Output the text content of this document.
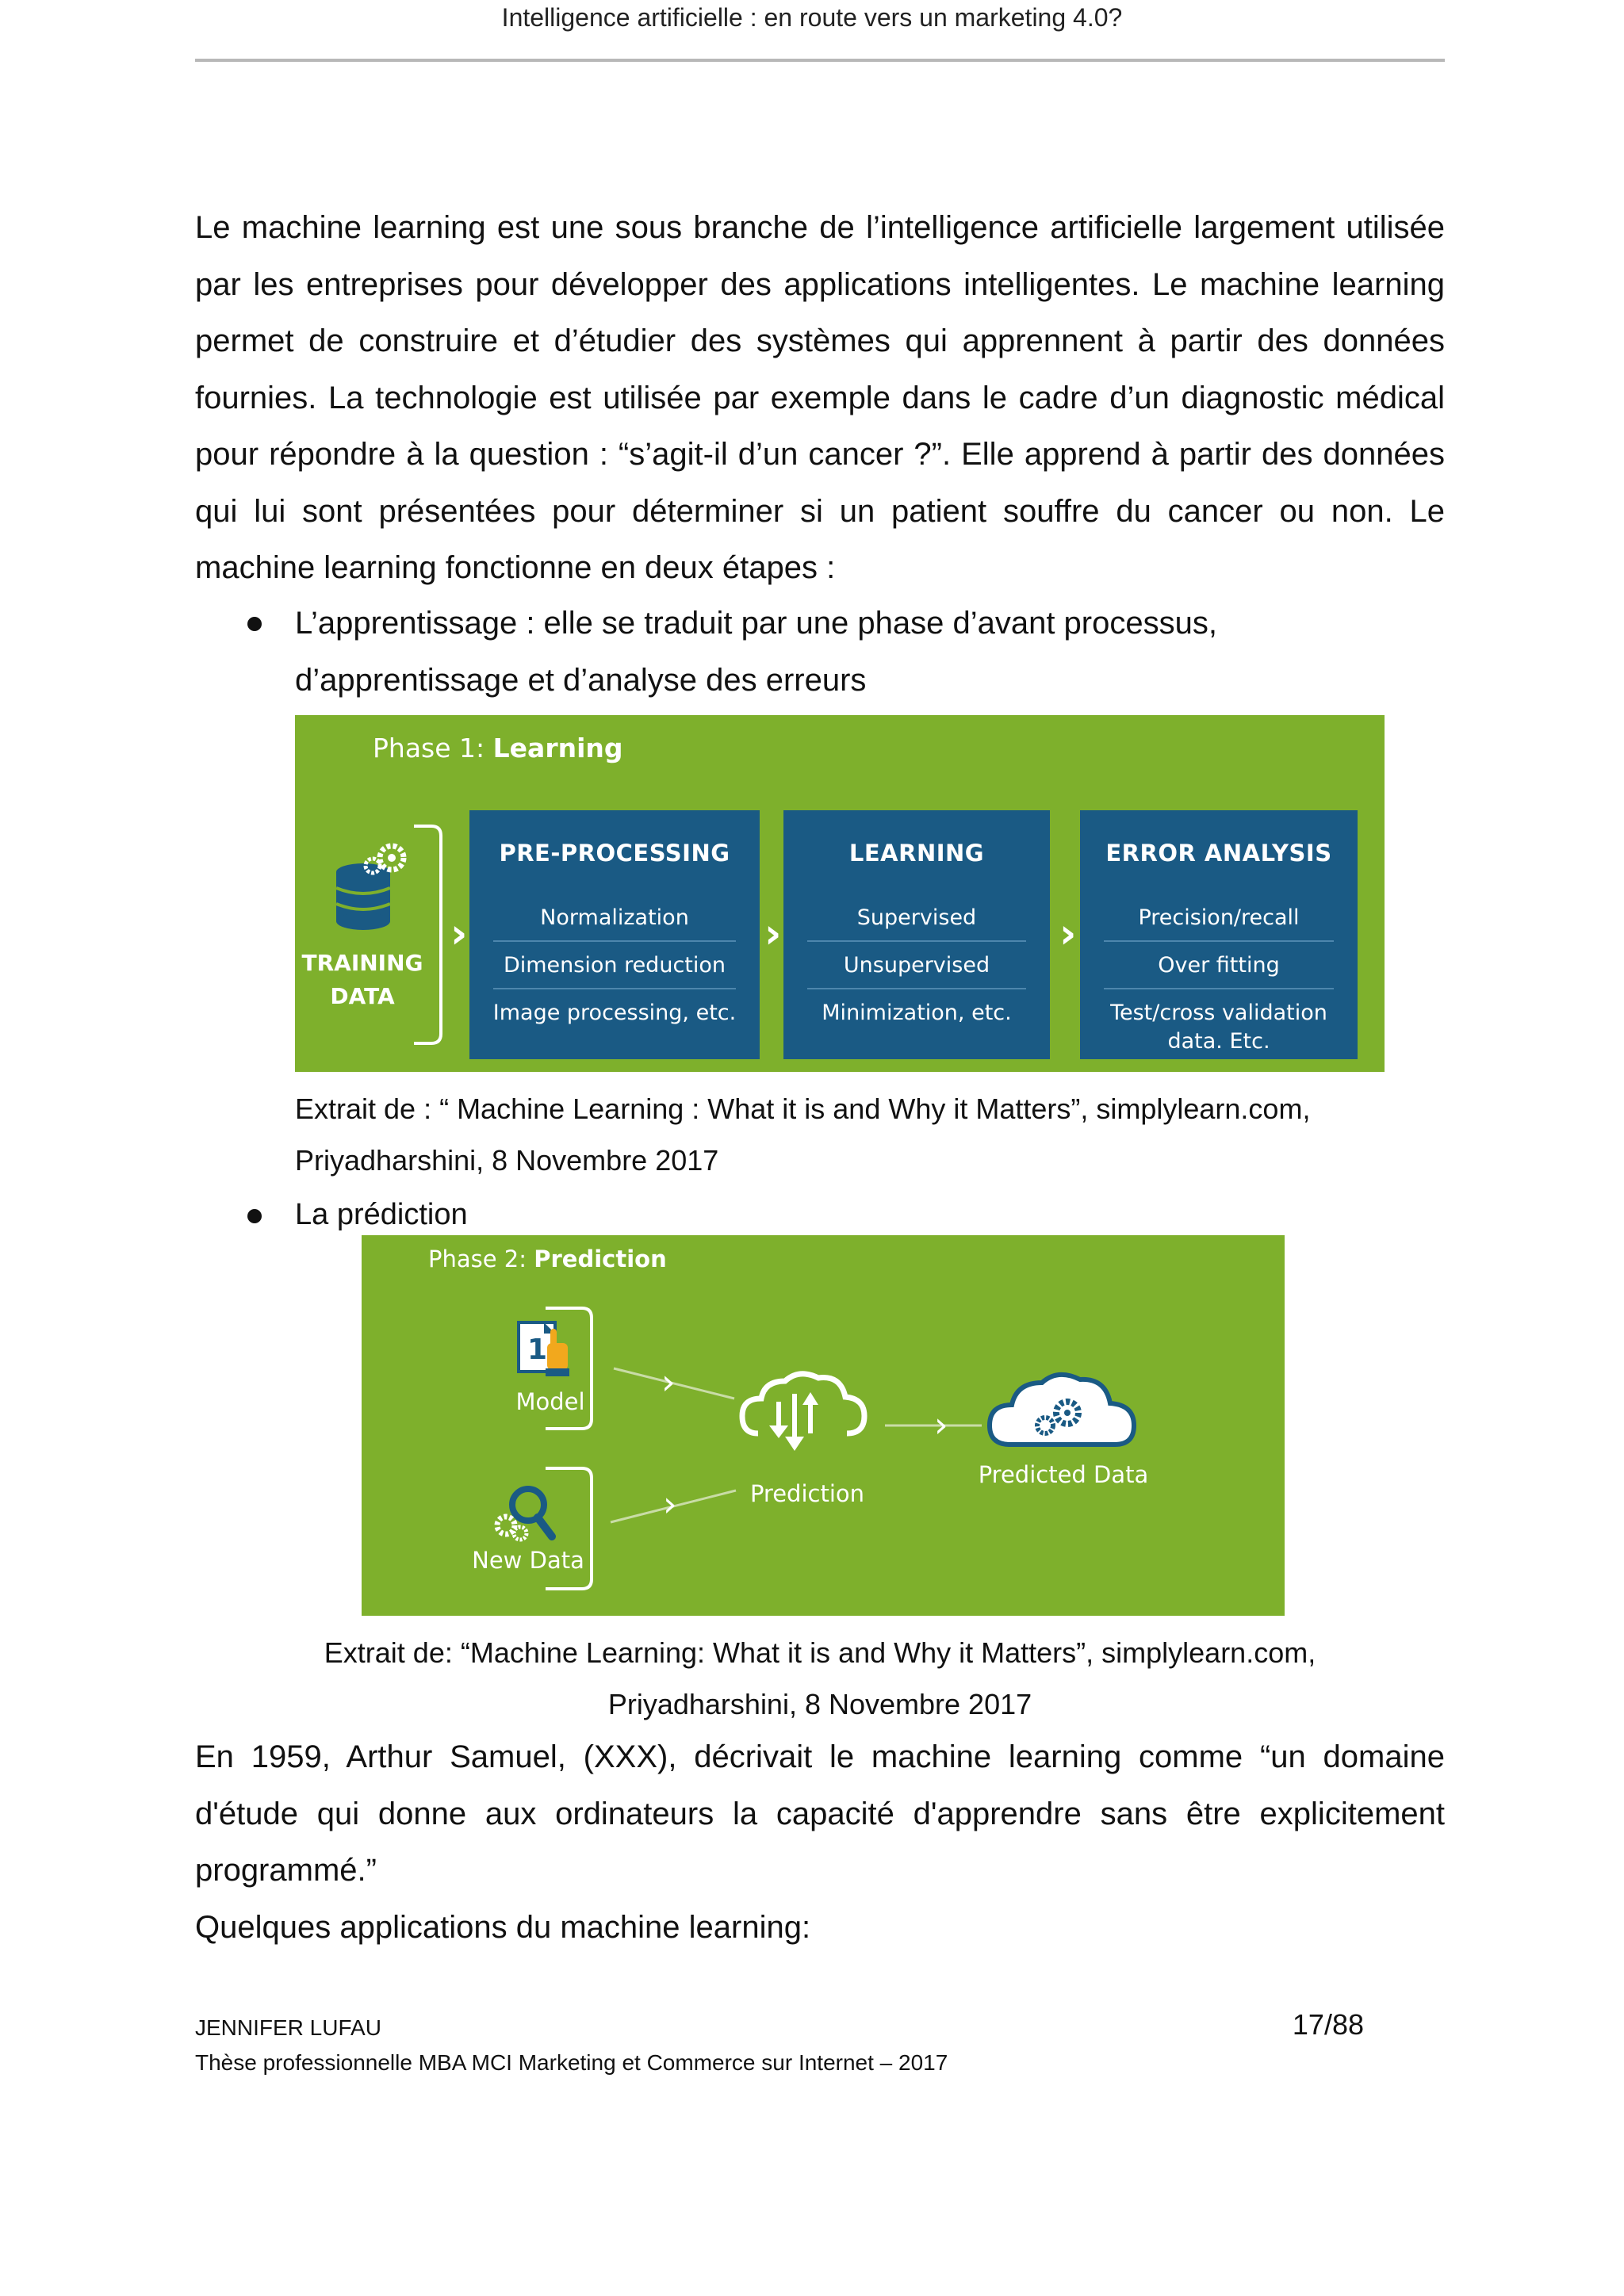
Intelligence artificielle : en route vers un marketing 4.0?

Le machine learning est une sous branche de l’intelligence artificielle largement utilisée par les entreprises pour développer des applications intelligentes. Le machine learning permet de construire et d’étudier des systèmes qui apprennent à partir des données fournies. La technologie est utilisée par exemple dans le cadre d’un diagnostic médical pour répondre à la question : “s’agit-il d’un cancer ?”. Elle apprend à partir des données qui lui sont présentées pour déterminer si un patient souffre du cancer ou non. Le machine learning fonctionne en deux étapes :

L’apprentissage : elle se traduit par une phase d’avant processus, d’apprentissage et d’analyse des erreurs

Phase 1: Learning
TRAINING
DATA
›
PRE-PROCESSING
Normalization
Dimension reduction
Image processing, etc.
›
LEARNING
Supervised
Unsupervised
Minimization, etc.
›
ERROR ANALYSIS
Precision/recall
Over fitting
Test/cross validation
data. Etc.

Extrait de : “ Machine Learning : What it is and Why it Matters”, simplylearn.com,

Priyadharshini, 8 Novembre 2017

La prédiction

Phase 2: Prediction
1
›
›
›
Model
New Data
Prediction
Predicted Data

Extrait de: “Machine Learning: What it is and Why it Matters”, simplylearn.com,

Priyadharshini, 8 Novembre 2017

En 1959, Arthur Samuel, (XXX), décrivait le machine learning comme “un domaine d'étude qui donne aux ordinateurs la capacité d'apprendre sans être explicitement programmé.”

Quelques applications du machine learning:

JENNIFER LUFAU
Thèse professionnelle MBA MCI Marketing et Commerce sur Internet – 2017
17/88
